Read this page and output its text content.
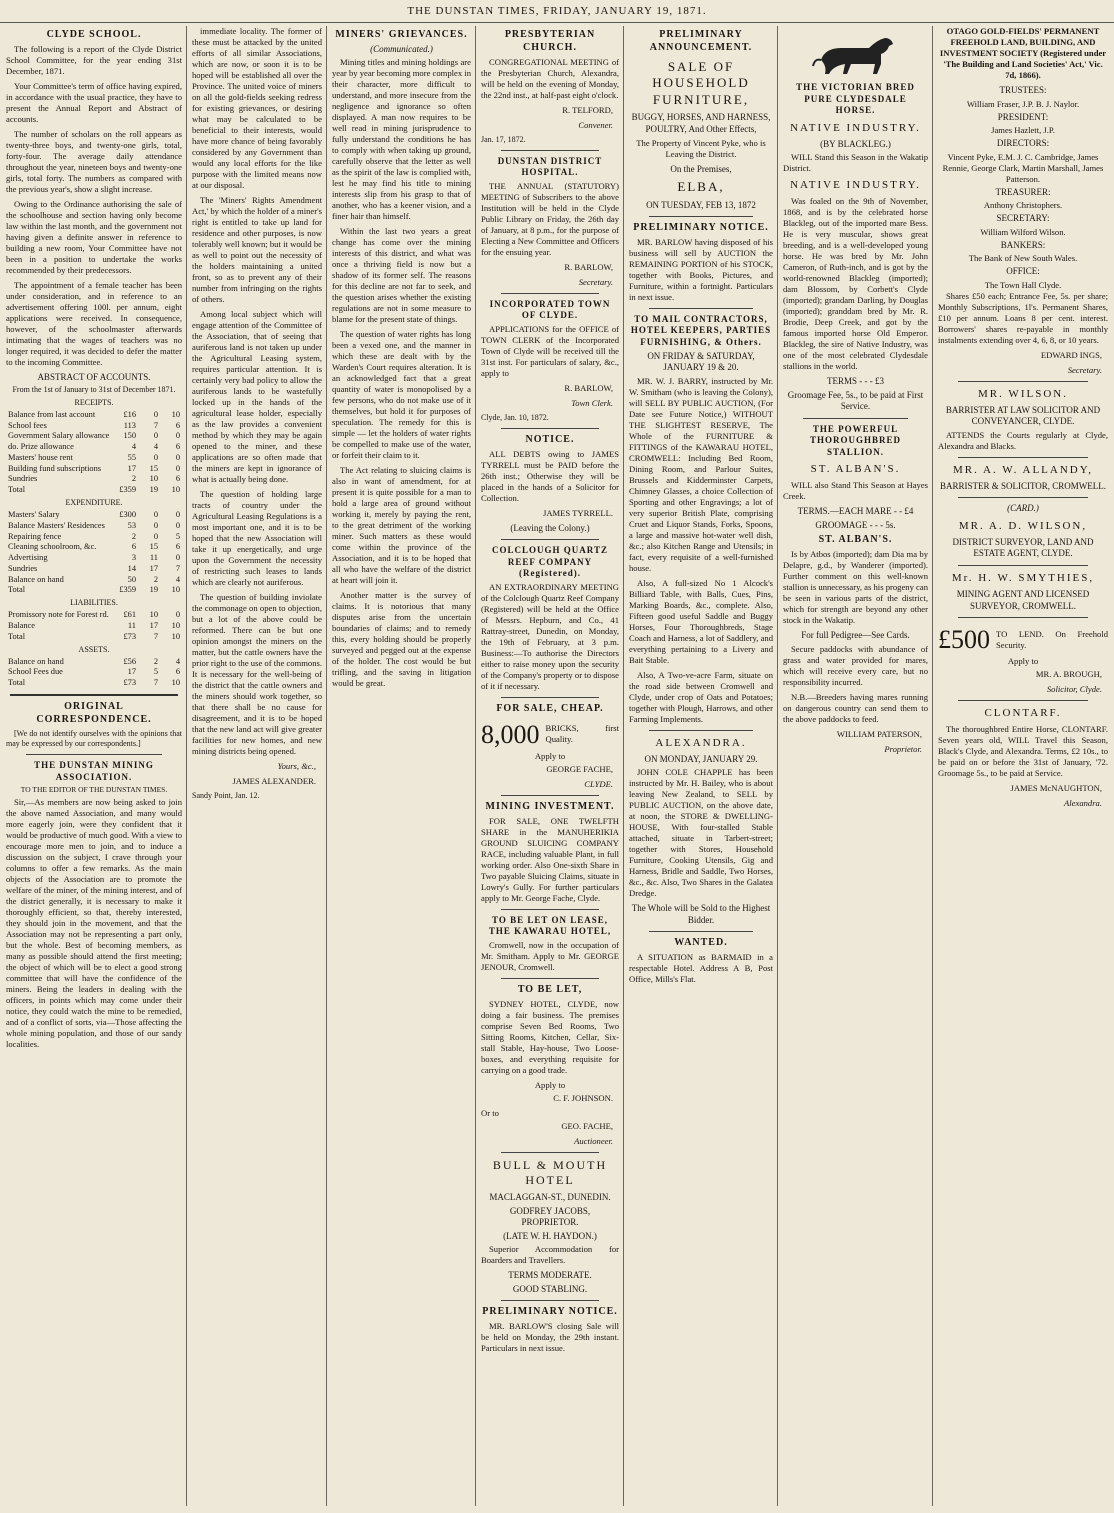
THE DUNSTAN TIMES, FRIDAY, JANUARY 19, 1871.
CLYDE SCHOOL.

The following is a report of the Clyde District School Committee, for the year ending 31st December, 1871.

Your Committee's term of office having expired, in accordance with the usual practice, they have to present the Annual Report and Abstract of accounts.

The number of scholars on the roll appears as twenty-three boys, and twenty-one girls, total, forty-four. The average daily attendance throughout the year, nineteen boys and twenty-one girls, total forty. The numbers as compared with the previous year's, show a slight increase.

Owing to the Ordinance authorising the sale of the schoolhouse and section having only become law within the last month, and the government not having given a definite answer in reference to building a new room, Your Committee have not been in a position to undertake the works recommended by their predecessors.

The appointment of a female teacher has been under consideration, and in reference to an advertisement offering 100l. per annum, eight applications were received. In consequence, however, of the schoolmaster afterwards intimating that the wages of teachers was no longer required, it was decided to defer the matter to the incoming Committee.

ABSTRACT OF ACCOUNTS.
From the 1st of January to 31st of December 1871.
RECEIPTS.
Balance from last account	£16	0	10
School fees	113	7	6
Government Salary allowance	150	0	0
do. Prize allowance	4	4	6
Masters' house rent	55	0	0
Building fund subscriptions	17	15	0
Sundries	2	10	6
Total	£359	19	10
EXPENDITURE.
Masters' Salary	£300	0	0
Balance Masters' Residences	53	0	0
Repairing fence	2	0	5
Cleaning schoolroom, &c.	6	15	6
Advertising	3	11	0
Sundries	14	17	7
Balance on hand	50	2	4
Total	£359	19	10
LIABILITIES.
Promissory note for Forest rd.	£61	10	0
Balance	11	17	10
Total	£73	7	10
ASSETS.
Balance on hand	£56	2	4
School Fees due	17	5	6
Total	£73	7	10
ORIGINAL CORRESPONDENCE.

[We do not identify ourselves with the opinions that may be expressed by our correspondents.]

THE DUNSTAN MINING ASSOCIATION.
TO THE EDITOR OF THE DUNSTAN TIMES.

Sir,—As members are now being asked to join the above named Association, and many would more eagerly join, were they confident that it would be productive of much good. With a view to encourage more men to join, and to induce a discussion on the subject, I crave through your columns to offer a few remarks. As the main objects of the Association are to promote the welfare of the miner, of the mining interest, and of the district generally, it is necessary to make it thoroughly efficient, so that, thereby interested, they should join in the movement, and that the Association may not be representing a part only, but the whole. Best of becoming members, as many as possible should attend the first meeting; the object of which will be to elect a good strong committee that will have the confidence of the miners. Being the leaders in dealing with the officers, in points which may come under their notice, they could watch the mine to be remedied, and of a conflict of sorts, via—Those affecting the whole mining population, and those of our sandy localities.

immediate locality. The former of these must be attacked by the united efforts of all similar Associations, which are now, or soon it is to be hoped will be established all over the Province. The united voice of miners on all the gold-fields seeking redress for existing grievances, or desiring what may be calculated to be beneficial to their interests, would have more chance of being favorably considered by any Government than would any local efforts for the like purpose with the limited means now at our disposal.

The 'Miners' Rights Amendment Act,' by which the holder of a miner's right is entitled to take up land for residence and other purposes, is now tolerably well known; but it would be as well to point out the necessity of the holders maintaining a united front, so as to prevent any of their number from infringing on the rights of others.

Among local subject which will engage attention of the Committee of the Association, that of seeing that auriferous land is not taken up under the Agricultural Leasing system, requires particular attention. It is certainly very bad policy to allow the auriferous lands to be wastefully locked up in the hands of the agricultural lease holder, especially as the law provides a convenient method by which they may be again opened to the miner, and these applications are so often made that the miners are kept in ignorance of what is actually being done.

The question of holding large tracts of country under the Agricultural Leasing Regulations is a most important one, and it is to be hoped that the new Association will take it up energetically, and urge upon the Government the necessity of restricting such leases to lands which are clearly not auriferous.

The question of building inviolate the commonage on open to objection, but a lot of the above could be reformed. There can be but one opinion amongst the miners on the matter, but the cattle owners have the prior right to the use of the commons. It is necessary for the well-being of the district that the cattle owners and the miners should work together, so that there shall be no cause for disagreement, and it is to be hoped that the new land act will give greater facilities for new homes, and new mining districts being opened.

Yours, &c.,
JAMES ALEXANDER.
Sandy Point, Jan. 12.
MINERS' GRIEVANCES.
(Communicated.)

Mining titles and mining holdings are year by year becoming more complex in their character, more difficult to understand, and more insecure from the negligence and ignorance so often displayed. A man now requires to be well read in mining jurisprudence to fully understand the conditions he has to comply with when taking up ground, carefully observe that the letter as well as the spirit of the law is complied with, lest he may find his title to mining interests slip from his grasp to that of another, who has a keener vision, and a finer hair than himself.

Within the last two years a great change has come over the mining interests of this district, and what was once a thriving field is now but a shadow of its former self. The reasons for this decline are not far to seek, and the question arises whether the existing regulations are not in some measure to blame for the present state of things.

The question of water rights has long been a vexed one, and the manner in which these are dealt with by the Warden's Court requires alteration. It is an acknowledged fact that a great quantity of water is monopolised by a few persons, who do not make use of it themselves, but hold it for purposes of speculation. The remedy for this is simple — let the holders of water rights be compelled to make use of the water, or forfeit their claim to it.

The Act relating to sluicing claims is also in want of amendment, for at present it is quite possible for a man to hold a large area of ground without working it, merely by paying the rent, to the great detriment of the working miner. Such matters as these would come within the province of the Association, and it is to be hoped that all who have the welfare of the district at heart will join it.

Another matter is the survey of claims. It is notorious that many disputes arise from the uncertain boundaries of claims; and to remedy this, every holding should be properly surveyed and pegged out at the expense of the holder. The cost would be but trifling, and the saving in litigation would be great.

PRESBYTERIAN CHURCH.

CONGREGATIONAL MEETING of the Presbyterian Church, Alexandra, will be held on the evening of Monday, the 22nd inst., at half-past eight o'clock.

R. TELFORD,
Convener.
Jan. 17, 1872.
DUNSTAN DISTRICT HOSPITAL.

THE ANNUAL (STATUTORY) MEETING of Subscribers to the above Institution will be held in the Clyde Public Library on Friday, the 26th day of January, at 8 p.m., for the purpose of Electing a New Committee and Officers for the ensuing year.

R. BARLOW,
Secretary.
INCORPORATED TOWN OF CLYDE.

APPLICATIONS for the OFFICE of TOWN CLERK of the Incorporated Town of Clyde will be received till the 31st inst. For particulars of salary, &c., apply to

R. BARLOW,
Town Clerk.
Clyde, Jan. 10, 1872.
NOTICE.

ALL DEBTS owing to JAMES TYRRELL must be PAID before the 26th inst.; Otherwise they will be placed in the hands of a Solicitor for Collection.

JAMES TYRRELL.
(Leaving the Colony.)
COLCLOUGH QUARTZ REEF COMPANY (Registered).

AN EXTRAORDINARY MEETING of the Colclough Quartz Reef Company (Registered) will be held at the Office of Messrs. Hepburn, and Co., 41 Rattray-street, Dunedin, on Monday, the 19th of February, at 3 p.m. Business:—To authorise the Directors either to raise money upon the security of the Company's property or to dispose of it if necessary.

FOR SALE, CHEAP.
8,000 BRICKS, first Quality.
Apply to
GEORGE FACHE,
CLYDE.
MINING INVESTMENT.

FOR SALE, ONE TWELFTH SHARE in the MANUHERIKIA GROUND SLUICING COMPANY RACE, including valuable Plant, in full working order. Also One-sixth Share in Two payable Sluicing Claims, situate in Lowry's Gully. For further particulars apply to Mr. George Fache, Clyde.

TO BE LET ON LEASE, THE KAWARAU HOTEL,

Cromwell, now in the occupation of Mr. Smitham. Apply to Mr. GEORGE JENOUR, Cromwell.

TO BE LET,

SYDNEY HOTEL, CLYDE, now doing a fair business. The premises comprise Seven Bed Rooms, Two Sitting Rooms, Kitchen, Cellar, Six-stall Stable, Hay-house, Two Loose-boxes, and everything requisite for carrying on a good trade.

Apply to
C. F. JOHNSON.
Or to
GEO. FACHE,
Auctioneer.
BULL & MOUTH HOTEL
MACLAGGAN-ST., DUNEDIN.
GODFREY JACOBS, PROPRIETOR.
(LATE W. H. HAYDON.)

Superior Accommodation for Boarders and Travellers.

TERMS MODERATE.
GOOD STABLING.
PRELIMINARY NOTICE.

MR. BARLOW'S closing Sale will be held on Monday, the 29th instant. Particulars in next issue.

PRELIMINARY ANNOUNCEMENT.
SALE OF HOUSEHOLD FURNITURE,
BUGGY, HORSES, AND HARNESS, POULTRY, And Other Effects,

The Property of Vincent Pyke, who is Leaving the District.

On the Premises,
ELBA,
ON TUESDAY, FEB 13, 1872
PRELIMINARY NOTICE.

MR. BARLOW having disposed of his business will sell by AUCTION the REMAINING PORTION of his STOCK, together with Books, Pictures, and Furniture, within a fortnight. Particulars in next issue.

TO MAIL CONTRACTORS, HOTEL KEEPERS, PARTIES FURNISHING, & Others.
ON FRIDAY & SATURDAY, JANUARY 19 & 20.

MR. W. J. BARRY, instructed by Mr. W. Smitham (who is leaving the Colony), will SELL BY PUBLIC AUCTION, (For Date see Future Notice,) WITHOUT THE SLIGHTEST RESERVE, The Whole of the FURNITURE & FITTINGS of the KAWARAU HOTEL, CROMWELL: Including Bed Room, Dining Room, and Parlour Suites, Brussels and Kidderminster Carpets, Chimney Glasses, a choice Collection of Sporting and other Engravings; a lot of very superior British Plate, comprising Cruet and Liquor Stands, Forks, Spoons, a large and massive hot-water well dish, &c.; also Kitchen Range and Utensils; in fact, every requisite of a well-furnished house.

Also, A full-sized No 1 Alcock's Billiard Table, with Balls, Cues, Pins, Marking Boards, &c., complete. Also, Fifteen good useful Saddle and Buggy Horses, Four Thoroughbreds, Stage Coach and Harness, a lot of Saddlery, and everything pertaining to a Livery and Bait Stable.

Also, A Two-ve-acre Farm, situate on the road side between Cromwell and Clyde, under crop of Oats and Potatoes; together with Plough, Harrows, and other Farming Implements.

ALEXANDRA.
ON MONDAY, JANUARY 29.

JOHN COLE CHAPPLE has been instructed by Mr. H. Bailey, who is about leaving New Zealand, to SELL by PUBLIC AUCTION, on the above date, at noon, the STORE & DWELLING-HOUSE, With four-stalled Stable attached, situate in Tarbert-street; together with Stores, Household Furniture, Cooking Utensils, Gig and Harness, Bridle and Saddle, Two Horses, &c., &c. Also, Two Shares in the Galatea Dredge.

The Whole will be Sold to the Highest Bidder.
WANTED.

A SITUATION as BARMAID in a respectable Hotel. Address A B, Post Office, Mills's Flat.

THE VICTORIAN BRED PURE CLYDESDALE HORSE.
NATIVE INDUSTRY.
(BY BLACKLEG.)

WILL Stand this Season in the Wakatip District.

NATIVE INDUSTRY.

Was foaled on the 9th of November, 1868, and is by the celebrated horse Blackleg, out of the imported mare Bess. He is very muscular, shows great breeding, and is a well-developed young horse. He was bred by Mr. John Cameron, of Ruth-inch, and is got by the world-renowned Blackleg (imported); dam Blossom, by Corbett's Clyde (imported); grandam Darling, by Douglas (imported); granddam bred by Mr. R. Brodie, Deep Creek, and got by the famous imported horse Old Emperor. Blackleg, the sire of Native Industry, was one of the most celebrated Clydesdale stallions in the world.

TERMS - - - £3
Groomage Fee, 5s., to be paid at First Service.
THE POWERFUL THOROUGHBRED STALLION.
ST. ALBAN'S.

WILL also Stand This Season at Hayes Creek.

TERMS.—EACH MARE - - £4
GROOMAGE - - - 5s.
ST. ALBAN'S.

Is by Atbos (imported); dam Dia ma by Delapre, g.d., by Wanderer (imported). Further comment on this well-known stallion is unnecessary, as his progeny can be seen in various parts of the district, which for strength are beyond any other stock in the Wakatip.

For full Pedigree—See Cards.

Secure paddocks with abundance of grass and water provided for mares, which will receive every care, but no responsibility incurred.

N.B.—Breeders having mares running on dangerous country can send them to the above paddocks to feed.

WILLIAM PATERSON,
Proprietor.

OTAGO GOLD-FIELDS' PERMANENT FREEHOLD LAND, BUILDING, AND INVESTMENT SOCIETY (Registered under 'The Building and Land Societies' Act,' Vic. 7d, 1866).

TRUSTEES:
William Fraser, J.P. B. J. Naylor.
PRESIDENT:
James Hazlett, J.P.
DIRECTORS:
Vincent Pyke, E.M. J. C. Cambridge, James Rennie, George Clark, Martin Marshall, James Patterson.
TREASURER:
Anthony Christophers.
SECRETARY:
William Wilford Wilson.
BANKERS:
The Bank of New South Wales.
OFFICE:
The Town Hall Clyde.

Shares £50 each; Entrance Fee, 5s. per share; Monthly Subscriptions, 1l's. Permanent Shares, £10 per annum. Loans 8 per cent. interest. Borrowers' shares re-payable in monthly instalments extending over 4, 6, 8, or 10 years.

EDWARD INGS,
Secretary.
MR. WILSON.
BARRISTER AT LAW SOLICITOR AND CONVEYANCER, CLYDE.

ATTENDS the Courts regularly at Clyde, Alexandra and Blacks.

MR. A. W. ALLANDY,
BARRISTER & SOLICITOR, CROMWELL.
(CARD.)
MR. A. D. WILSON,
DISTRICT SURVEYOR, LAND AND ESTATE AGENT, CLYDE.
Mr. H. W. SMYTHIES,
MINING AGENT AND LICENSED SURVEYOR, CROMWELL.
£500 TO LEND. On Freehold Security.
Apply to
MR. A. BROUGH,
Solicitor, Clyde.
CLONTARF.

The thoroughbred Entire Horse, CLONTARF. Seven years old, WILL Travel this Season, Black's Clyde, and Alexandra. Terms, £2 10s., to be paid on or before the 31st of January, '72. Groomage 5s., to be paid at Service.

JAMES McNAUGHTON,
Alexandra.
